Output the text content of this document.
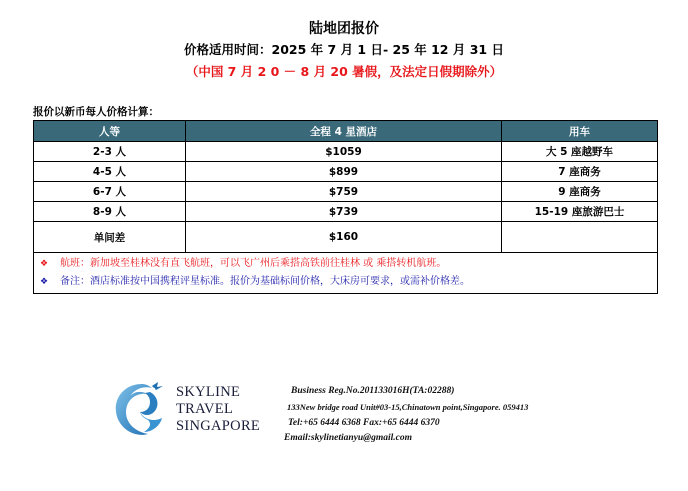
陆地团报价
价格适用时间：2025 年 7 月 1 日- 25 年 12 月 31 日
（中国 7 月 2 0 － 8 月 20 暑假，及法定日假期除外）
报价以新币每人价格计算：
人等	全程 4 星酒店	用车
2-3 人	$1059	大 5 座越野车
4-5 人	$899	7 座商务
6-7 人	$759	9 座商务
8-9 人	$739	15-19 座旅游巴士
单间差	$160	

❖ 航班：新加坡至桂林没有直飞航班，可以飞广州后乘搭高铁前往桂林 或 乘搭转机航班。
❖ 备注：酒店标准按中国携程评星标准。报价为基础标间价格，大床房可要求，或需补价格差。		
SKYLINE
TRAVEL
SINGAPORE
Business Reg.No.201133016H(TA:02288)
133New bridge road Unit#03-15,Chinatown point,Singapore. 059413
Tel:+65 6444 6368 Fax:+65 6444 6370
Email:skylinetianyu@gmail.com
